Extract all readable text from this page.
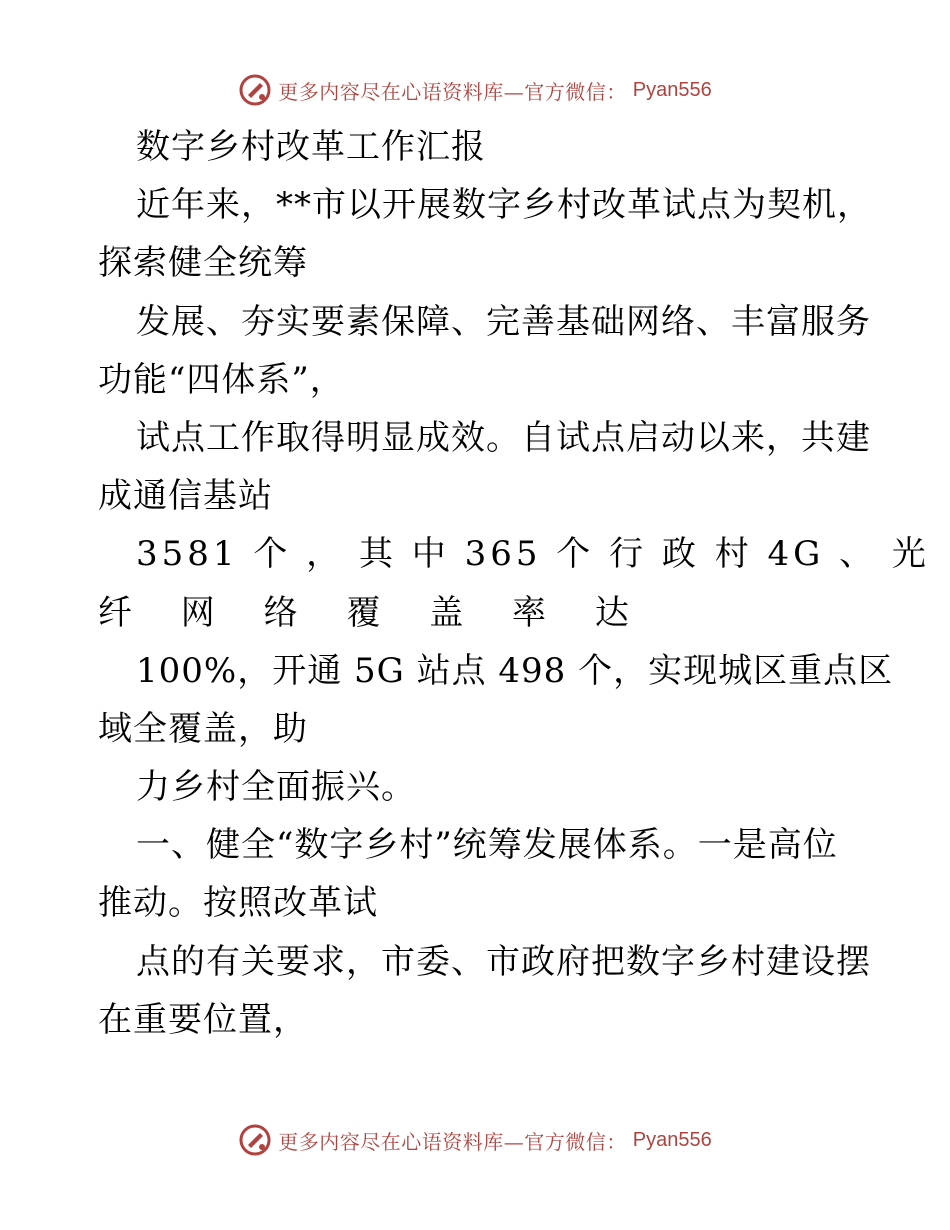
更多内容尽在心语资料库—官方微信： Pyan556
数字乡村改革工作汇报
近年来，**市以开展数字乡村改革试点为契机，
探索健全统筹
发展、夯实要素保障、完善基础网络、丰富服务
功能“四体系”，
试点工作取得明显成效。自试点启动以来，共建
成通信基站
3581 个 ， 其 中 365 个 行 政 村 4G 、 光
纤 网 络 覆 盖 率 达
100%，开通 5G 站点 498 个，实现城区重点区
域全覆盖，助
力乡村全面振兴。
一、健全“数字乡村”统筹发展体系。一是高位
推动。按照改革试
点的有关要求，市委、市政府把数字乡村建设摆
在重要位置，
更多内容尽在心语资料库—官方微信： Pyan556
